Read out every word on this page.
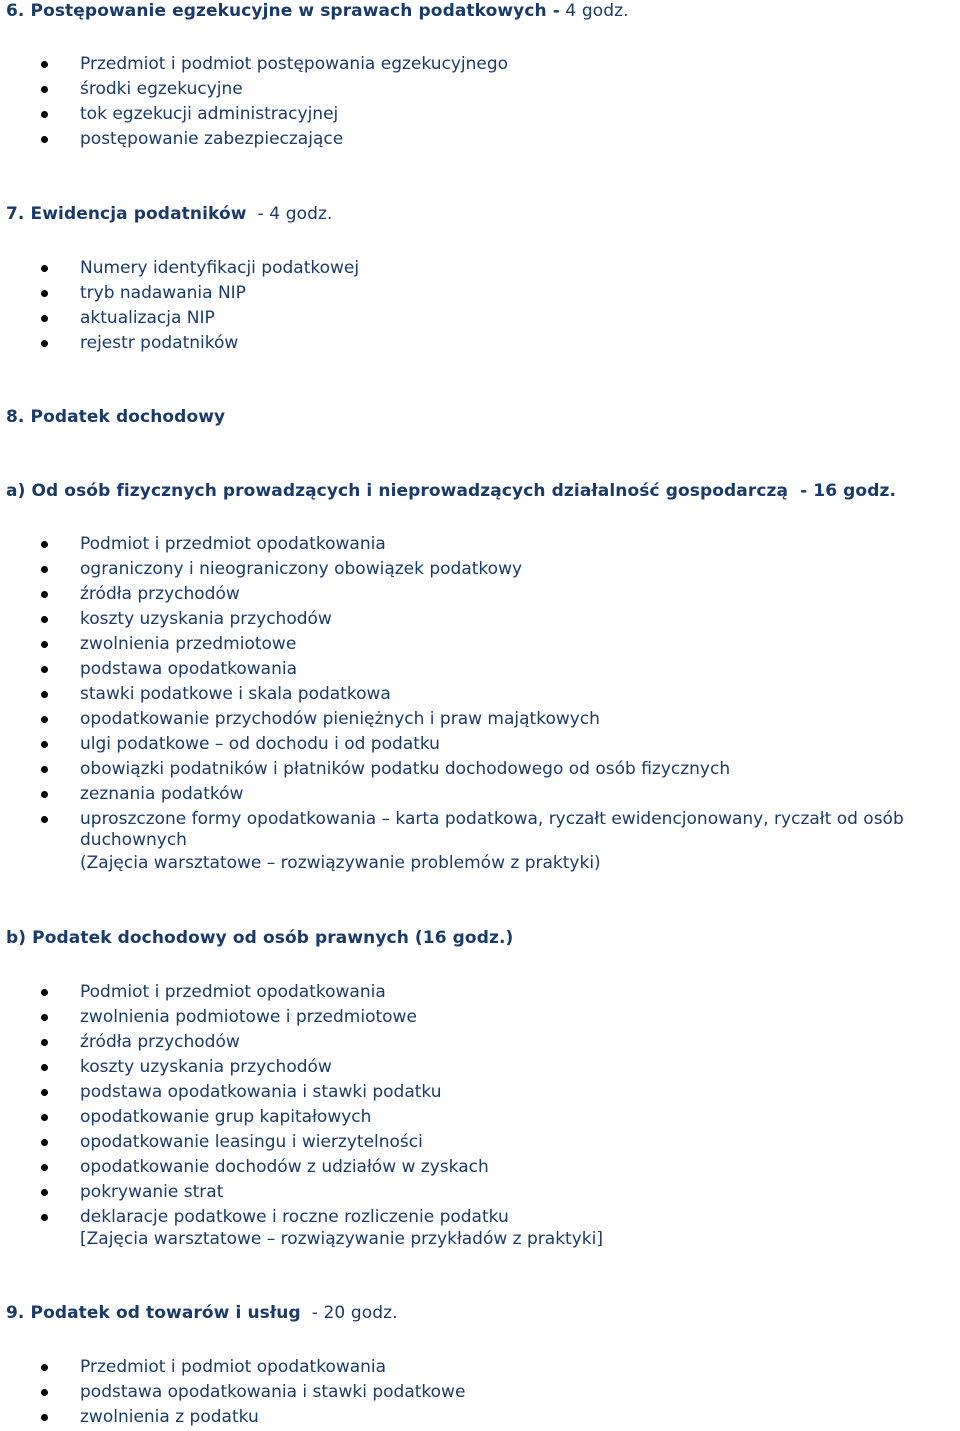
6. Postępowanie egzekucyjne w sprawach podatkowych - 4 godz.
Przedmiot i podmiot postępowania egzekucyjnego
środki egzekucyjne
tok egzekucji administracyjnej
postępowanie zabezpieczające
7. Ewidencja podatników  - 4 godz.
Numery identyfikacji podatkowej
tryb nadawania NIP
aktualizacja NIP
rejestr podatników
8. Podatek dochodowy
a) Od osób fizycznych prowadzących i nieprowadzących działalność gospodarczą  - 16 godz.
Podmiot i przedmiot opodatkowania
ograniczony i nieograniczony obowiązek podatkowy
źródła przychodów
koszty uzyskania przychodów
zwolnienia przedmiotowe
podstawa opodatkowania
stawki podatkowe i skala podatkowa
opodatkowanie przychodów pieniężnych i praw majątkowych
ulgi podatkowe – od dochodu i od podatku
obowiązki podatników i płatników podatku dochodowego od osób fizycznych
zeznania podatków
uproszczone formy opodatkowania – karta podatkowa, ryczałt ewidencjonowany, ryczałt od osób duchownych
(Zajęcia warsztatowe – rozwiązywanie problemów z praktyki)
b) Podatek dochodowy od osób prawnych (16 godz.)
Podmiot i przedmiot opodatkowania
zwolnienia podmiotowe i przedmiotowe
źródła przychodów
koszty uzyskania przychodów
podstawa opodatkowania i stawki podatku
opodatkowanie grup kapitałowych
opodatkowanie leasingu i wierzytelności
opodatkowanie dochodów z udziałów w zyskach
pokrywanie strat
deklaracje podatkowe i roczne rozliczenie podatku
[Zajęcia warsztatowe – rozwiązywanie przykładów z praktyki]
9. Podatek od towarów i usług  - 20 godz.
Przedmiot i podmiot opodatkowania
podstawa opodatkowania i stawki podatkowe
zwolnienia z podatku
